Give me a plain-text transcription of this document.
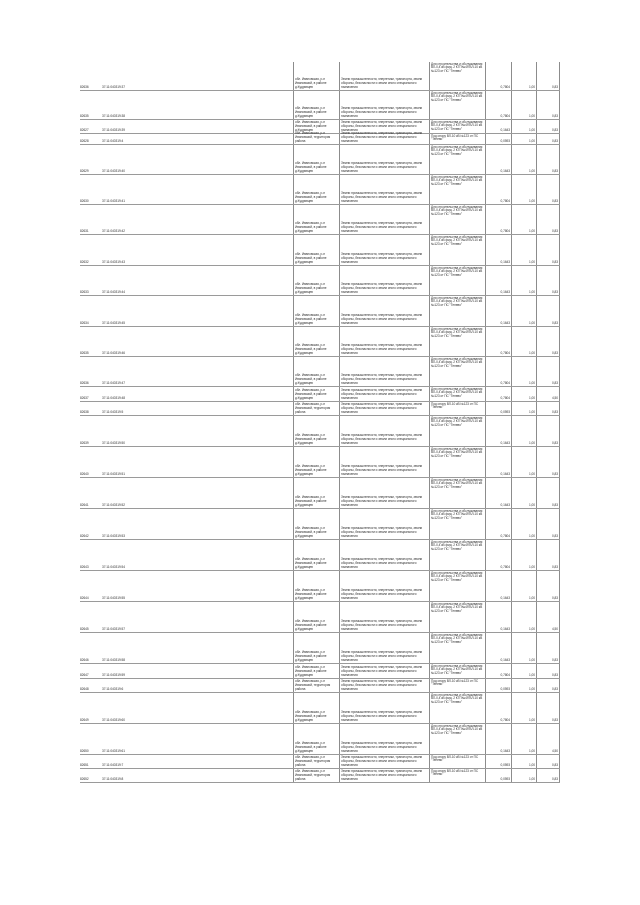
82636	37:11:040319:37
обл. Ивановская, р-н Ивановский, в районе д.Кудрявцев
Земли промышленности, энергетики, транспорта, земли обороны, безопасности и земли иного специального назначения
Для строительства и обслуживания ВЛ-0,4 кВ фид. 2 КТП№49 ВЛ-10 кВ №123 от ПС "Тенево"
0,7804	1,00	0,83
82635	37:11:040319:38
обл. Ивановская, р-н Ивановский, в районе д.Кудрявцев
Земли промышленности, энергетики, транспорта, земли обороны, безопасности и земли иного специального назначения
Для строительства и обслуживания ВЛ-0,4 кВ фид. 2 КТП№49 ВЛ-10 кВ №123 от ПС "Тенево"
0,7804	1,00	0,83
82627	37:11:040319:39
обл. Ивановская, р-н Ивановский, в районе д.Кудрявцев
Земли промышленности, энергетики, транспорта, земли обороны, безопасности и земли иного специального назначения
Для строительства и обслуживания ВЛ-0,4 кВ фид. 2 КТП№49 ВЛ-10 кВ №123 от ПС "Тенево"	0,1643	1,00	0,83
82628	37:11:040319:4
обл. Ивановская, р-н Ивановский, территория района
Земли промышленности, энергетики, транспорта, земли обороны, безопасности и земли иного специального назначения
Под опору ВЛ-10 кВ №123 от ПС "Тенево"	0,0593	1,00	0,83
82629	37:11:040319:40
обл. Ивановская, р-н Ивановский, в районе д.Кудрявцев
Земли промышленности, энергетики, транспорта, земли обороны, безопасности и земли иного специального назначения
Для строительства и обслуживания ВЛ-0,4 кВ фид. 2 КТП№49 ВЛ-10 кВ №123 от ПС "Тенево"
0,1643	1,00	0,83
82630	37:11:040319:41
обл. Ивановская, р-н Ивановский, в районе д.Кудрявцев
Земли промышленности, энергетики, транспорта, земли обороны, безопасности и земли иного специального назначения
Для строительства и обслуживания ВЛ-0,4 кВ фид. 2 КТП№49 ВЛ-10 кВ №123 от ПС "Тенево"
0,7804	1,00	0,83
82631	37:11:040319:42
обл. Ивановская, р-н Ивановский, в районе д.Кудрявцев
Земли промышленности, энергетики, транспорта, земли обороны, безопасности и земли иного специального назначения
Для строительства и обслуживания ВЛ-0,4 кВ фид. 2 КТП№49 ВЛ-10 кВ №123 от ПС "Тенево"
0,7804	1,00	0,83
82632	37:11:040319:43
обл. Ивановская, р-н Ивановский, в районе д.Кудрявцев
Земли промышленности, энергетики, транспорта, земли обороны, безопасности и земли иного специального назначения
Для строительства и обслуживания ВЛ-0,4 кВ фид. 2 КТП№49 ВЛ-10 кВ №123 от ПС "Тенево"
0,1643	1,00	0,83
82633	37:11:040319:44
обл. Ивановская, р-н Ивановский, в районе д.Кудрявцев
Земли промышленности, энергетики, транспорта, земли обороны, безопасности и земли иного специального назначения
Для строительства и обслуживания ВЛ-0,4 кВ фид. 2 КТП№49 ВЛ-10 кВ №123 от ПС "Тенево"
0,1643	1,00	0,83
82634	37:11:040319:45
обл. Ивановская, р-н Ивановский, в районе д.Кудрявцев
Земли промышленности, энергетики, транспорта, земли обороны, безопасности и земли иного специального назначения
Для строительства и обслуживания ВЛ-0,4 кВ фид. 2 КТП№49 ВЛ-10 кВ №123 от ПС "Тенево"
0,1643	1,00	0,83
82635	37:11:040319:46
обл. Ивановская, р-н Ивановский, в районе д.Кудрявцев
Земли промышленности, энергетики, транспорта, земли обороны, безопасности и земли иного специального назначения
Для строительства и обслуживания ВЛ-0,4 кВ фид. 2 КТП№49 ВЛ-10 кВ №123 от ПС "Тенево"
0,7804	1,00	0,83
82636	37:11:040319:47
обл. Ивановская, р-н Ивановский, в районе д.Кудрявцев
Земли промышленности, энергетики, транспорта, земли обороны, безопасности и земли иного специального назначения
Для строительства и обслуживания ВЛ-0,4 кВ фид. 2 КТП№49 ВЛ-10 кВ №123 от ПС "Тенево"
0,7804	1,00	0,83
82637	37:11:040319:48
обл. Ивановская, р-н Ивановский, в районе д.Кудрявцев
Земли промышленности, энергетики, транспорта, земли обороны, безопасности и земли иного специального назначения
Для строительства и обслуживания ВЛ-0,4 кВ фид. 2 КТП№49 ВЛ-10 кВ №123 от ПС "Тенево"	0,7804	1,00	4,50
82638	37:11:040319:5
обл. Ивановская, р-н Ивановский, территория района
Земли промышленности, энергетики, транспорта, земли обороны, безопасности и земли иного специального назначения
Под опору ВЛ-10 кВ №123 от ПС "Тенево"
0,0593	1,00	0,83
82639	37:11:040319:50
обл. Ивановская, р-н Ивановский, в районе д.Кудрявцев
Земли промышленности, энергетики, транспорта, земли обороны, безопасности и земли иного специального назначения
Для строительства и обслуживания ВЛ-0,4 кВ фид. 2 КТП№49 ВЛ-10 кВ №123 от ПС "Тенево"
0,1643	1,00	0,83
82640	37:11:040319:51
обл. Ивановская, р-н Ивановский, в районе д.Кудрявцев
Земли промышленности, энергетики, транспорта, земли обороны, безопасности и земли иного специального назначения
Для строительства и обслуживания ВЛ-0,4 кВ фид. 2 КТП№49 ВЛ-10 кВ №123 от ПС "Тенево"
0,1643	1,00	0,83
82641	37:11:040319:52
обл. Ивановская, р-н Ивановский, в районе д.Кудрявцев
Земли промышленности, энергетики, транспорта, земли обороны, безопасности и земли иного специального назначения
Для строительства и обслуживания ВЛ-0,4 кВ фид. 2 КТП№49 ВЛ-10 кВ №123 от ПС "Тенево"
0,1643	1,00	0,83
82642	37:11:040319:53
обл. Ивановская, р-н Ивановский, в районе д.Кудрявцев
Земли промышленности, энергетики, транспорта, земли обороны, безопасности и земли иного специального назначения
Для строительства и обслуживания ВЛ-0,4 кВ фид. 2 КТП№49 ВЛ-10 кВ №123 от ПС "Тенево"
0,7804	1,00	0,83
82643	37:11:040319:54
обл. Ивановская, р-н Ивановский, в районе д.Кудрявцев
Земли промышленности, энергетики, транспорта, земли обороны, безопасности и земли иного специального назначения
Для строительства и обслуживания ВЛ-0,4 кВ фид. 2 КТП№49 ВЛ-10 кВ №123 от ПС "Тенево"
0,7804	1,00	0,83
82644	37:11:040319:55
обл. Ивановская, р-н Ивановский, в районе д.Кудрявцев
Земли промышленности, энергетики, транспорта, земли обороны, безопасности и земли иного специального назначения
Для строительства и обслуживания ВЛ-0,4 кВ фид. 2 КТП№49 ВЛ-10 кВ №123 от ПС "Тенево"
0,1643	1,00	0,83
82645	37:11:040319:57
обл. Ивановская, р-н Ивановский, в районе д.Кудрявцев
Земли промышленности, энергетики, транспорта, земли обороны, безопасности и земли иного специального назначения
Для строительства и обслуживания ВЛ-0,4 кВ фид. 2 КТП№49 ВЛ-10 кВ №123 от ПС "Тенево"
0,1643	1,00	4,50
82646	37:11:040319:58
обл. Ивановская, р-н Ивановский, в районе д.Кудрявцев
Земли промышленности, энергетики, транспорта, земли обороны, безопасности и земли иного специального назначения
Для строительства и обслуживания ВЛ-0,4 кВ фид. 2 КТП№49 ВЛ-10 кВ №123 от ПС "Тенево"
0,1643	1,00	0,83
82647	37:11:040319:59
обл. Ивановская, р-н Ивановский, в районе д.Кудрявцев
Земли промышленности, энергетики, транспорта, земли обороны, безопасности и земли иного специального назначения
Для строительства и обслуживания ВЛ-0,4 кВ фид. 2 КТП№49 ВЛ-10 кВ №123 от ПС "Тенево"	0,7804	1,00	0,83
82648	37:11:040319:6
обл. Ивановская, р-н Ивановский, территория района
Земли промышленности, энергетики, транспорта, земли обороны, безопасности и земли иного специального назначения
Под опору ВЛ-10 кВ №123 от ПС "Тенево"
0,0593	1,00	0,83
82649	37:11:040319:60
обл. Ивановская, р-н Ивановский, в районе д.Кудрявцев
Земли промышленности, энергетики, транспорта, земли обороны, безопасности и земли иного специального назначения
Для строительства и обслуживания ВЛ-0,4 кВ фид. 2 КТП№49 ВЛ-10 кВ №123 от ПС "Тенево"
0,7804	1,00	0,83
82650	37:11:040319:61
обл. Ивановская, р-н Ивановский, в районе д.Кудрявцев
Земли промышленности, энергетики, транспорта, земли обороны, безопасности и земли иного специального назначения
Для строительства и обслуживания ВЛ-0,4 кВ фид. 2 КТП№49 ВЛ-10 кВ №123 от ПС "Тенево"
0,1643	1,00	4,50
82651	37:11:040319:7
обл. Ивановская, р-н Ивановский, территория района
Земли промышленности, энергетики, транспорта, земли обороны, безопасности и земли иного специального назначения
Под опору ВЛ-10 кВ №123 от ПС "Тенево"
0,0593	1,00	0,83
82652	37:11:040319:8
обл. Ивановская, р-н Ивановский, территория района
Земли промышленности, энергетики, транспорта, земли обороны, безопасности и земли иного специального назначения
Под опору ВЛ-10 кВ №123 от ПС "Тенево"
0,0593	1,00	0,83
